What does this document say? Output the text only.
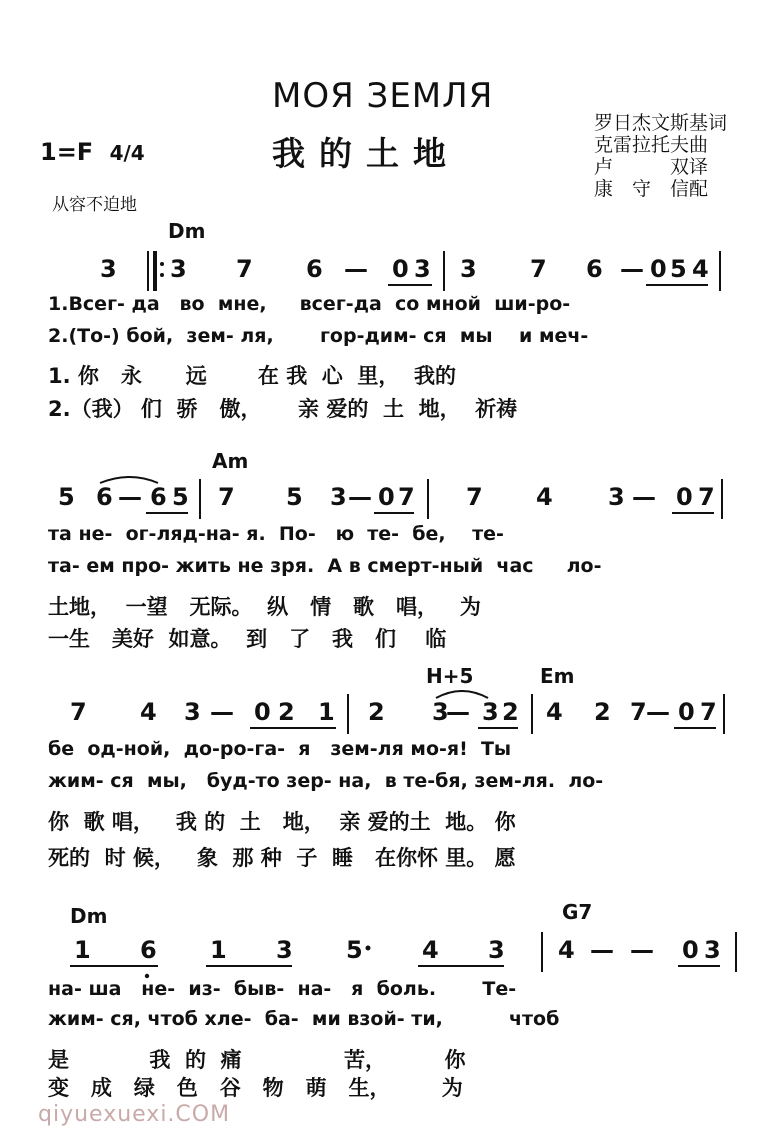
МОЯ ЗЕМЛЯ
我的土地
1=F 4/4
罗日杰文斯基词
克雷拉托夫曲
卢　　　双译
康　守　信配
从容不迫地
Dm
3 3 7 6 — 0 3 3 7 6 — 0 5 4
1.Всег- да   во  мне,     всег-да  со мной  ши-ро-
2.(То-) бой,  зем- ля,       гор-дим- ся  мы    и меч-
1. 你   永      远       在 我  心  里，  我的
2.（我） 们  骄   傲，     亲 爱的  土  地，  祈祷
Am
5 6 — 6 5 7 5 3 — 0 7 7 4 3 — 0 7
та не-  ог-ляд-на- я.  По-   ю  те-  бе,    те-
та- ем про- жить не зря.  А в смерт-ный  час     ло-
土地，  一望   无际。  纵   情   歌   唱，   为
一生   美好  如意。  到   了   我   们    临
H+5	Em
7 4 3 — 0 2 1 2 3
— 3 2 4 2 7 — 0 7
бе  од-ной,  до-ро-га-  я   зем-ля мо-я!  Ты
жим- ся  мы,   буд-то зер- на,  в те-бя, зем-ля.  ло-
你  歌 唱，   我 的  土   地，  亲 爱的土  地。 你
死的  时 候，   象  那 种  子  睡   在你怀 里。 愿
Dm	G7
1 6 1 3 5 4 3 4 — — 0 3
на- ша   не-  из-  быв-  на-   я  боль.       Те-
жим- ся, чтоб хле-  ба-  ми взой- ти,          чтоб
是           我  的  痛              苦，        你
变   成   绿   色   谷   物   萌   生，       为
qiyuexuexi.COM
